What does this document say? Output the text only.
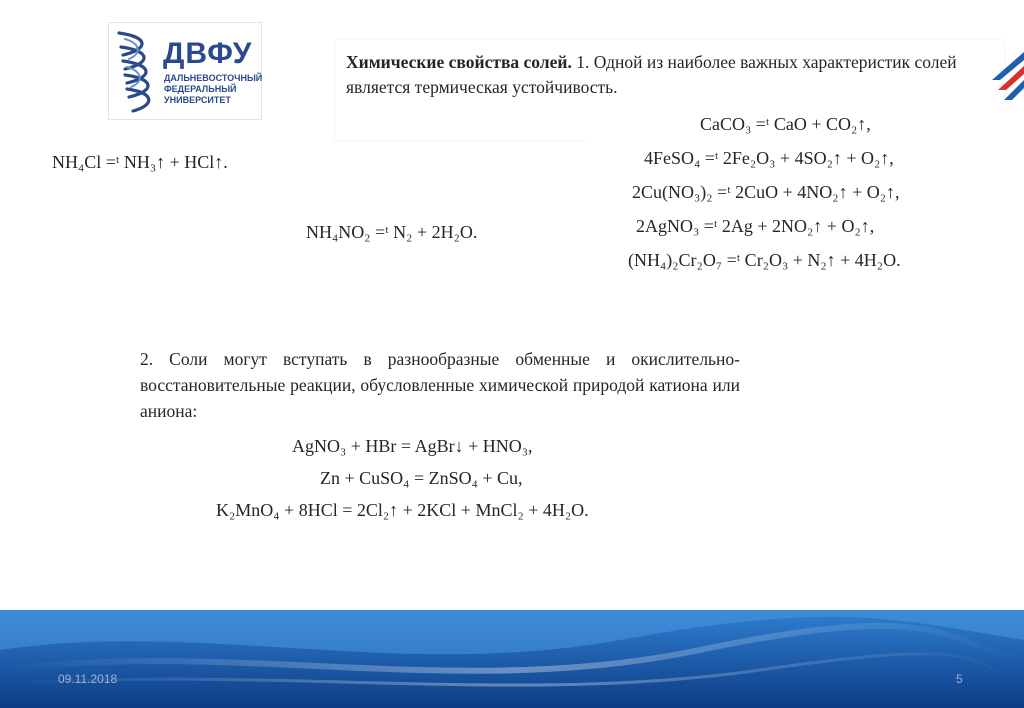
ДВФУ
ДАЛЬНЕВОСТОЧНЫЙ
ФЕДЕРАЛЬНЫЙ
УНИВЕРСИТЕТ
Химические свойства солей. 1. Одной из наиболее важных характеристик солей является термическая устойчивость.
CaCO₃ =ᵗ CaO + CO₂↑,
4FeSO₄ =ᵗ 2Fe₂O₃ + 4SO₂↑ + O₂↑,
2Cu(NO₃)₂ =ᵗ 2CuO + 4NO₂↑ + O₂↑,
2AgNO₃ =ᵗ 2Ag + 2NO₂↑ + O₂↑,
(NH₄)₂Cr₂O₇ =ᵗ Cr₂O₃ + N₂↑ + 4H₂O.
NH₄Cl =ᵗ NH₃↑ + HCl↑.
NH₄NO₂ =ᵗ N₂ + 2H₂O.
2. Соли могут вступать в разнообразные обменные и окислительно-восстановительные реакции, обусловленные химической природой катиона или аниона:
AgNO₃ + HBr = AgBr↓ + HNO₃,
Zn + CuSO₄ = ZnSO₄ + Cu,
K₂MnO₄ + 8HCl = 2Cl₂↑ + 2KCl + MnCl₂ + 4H₂O.
09.11.2018	5
